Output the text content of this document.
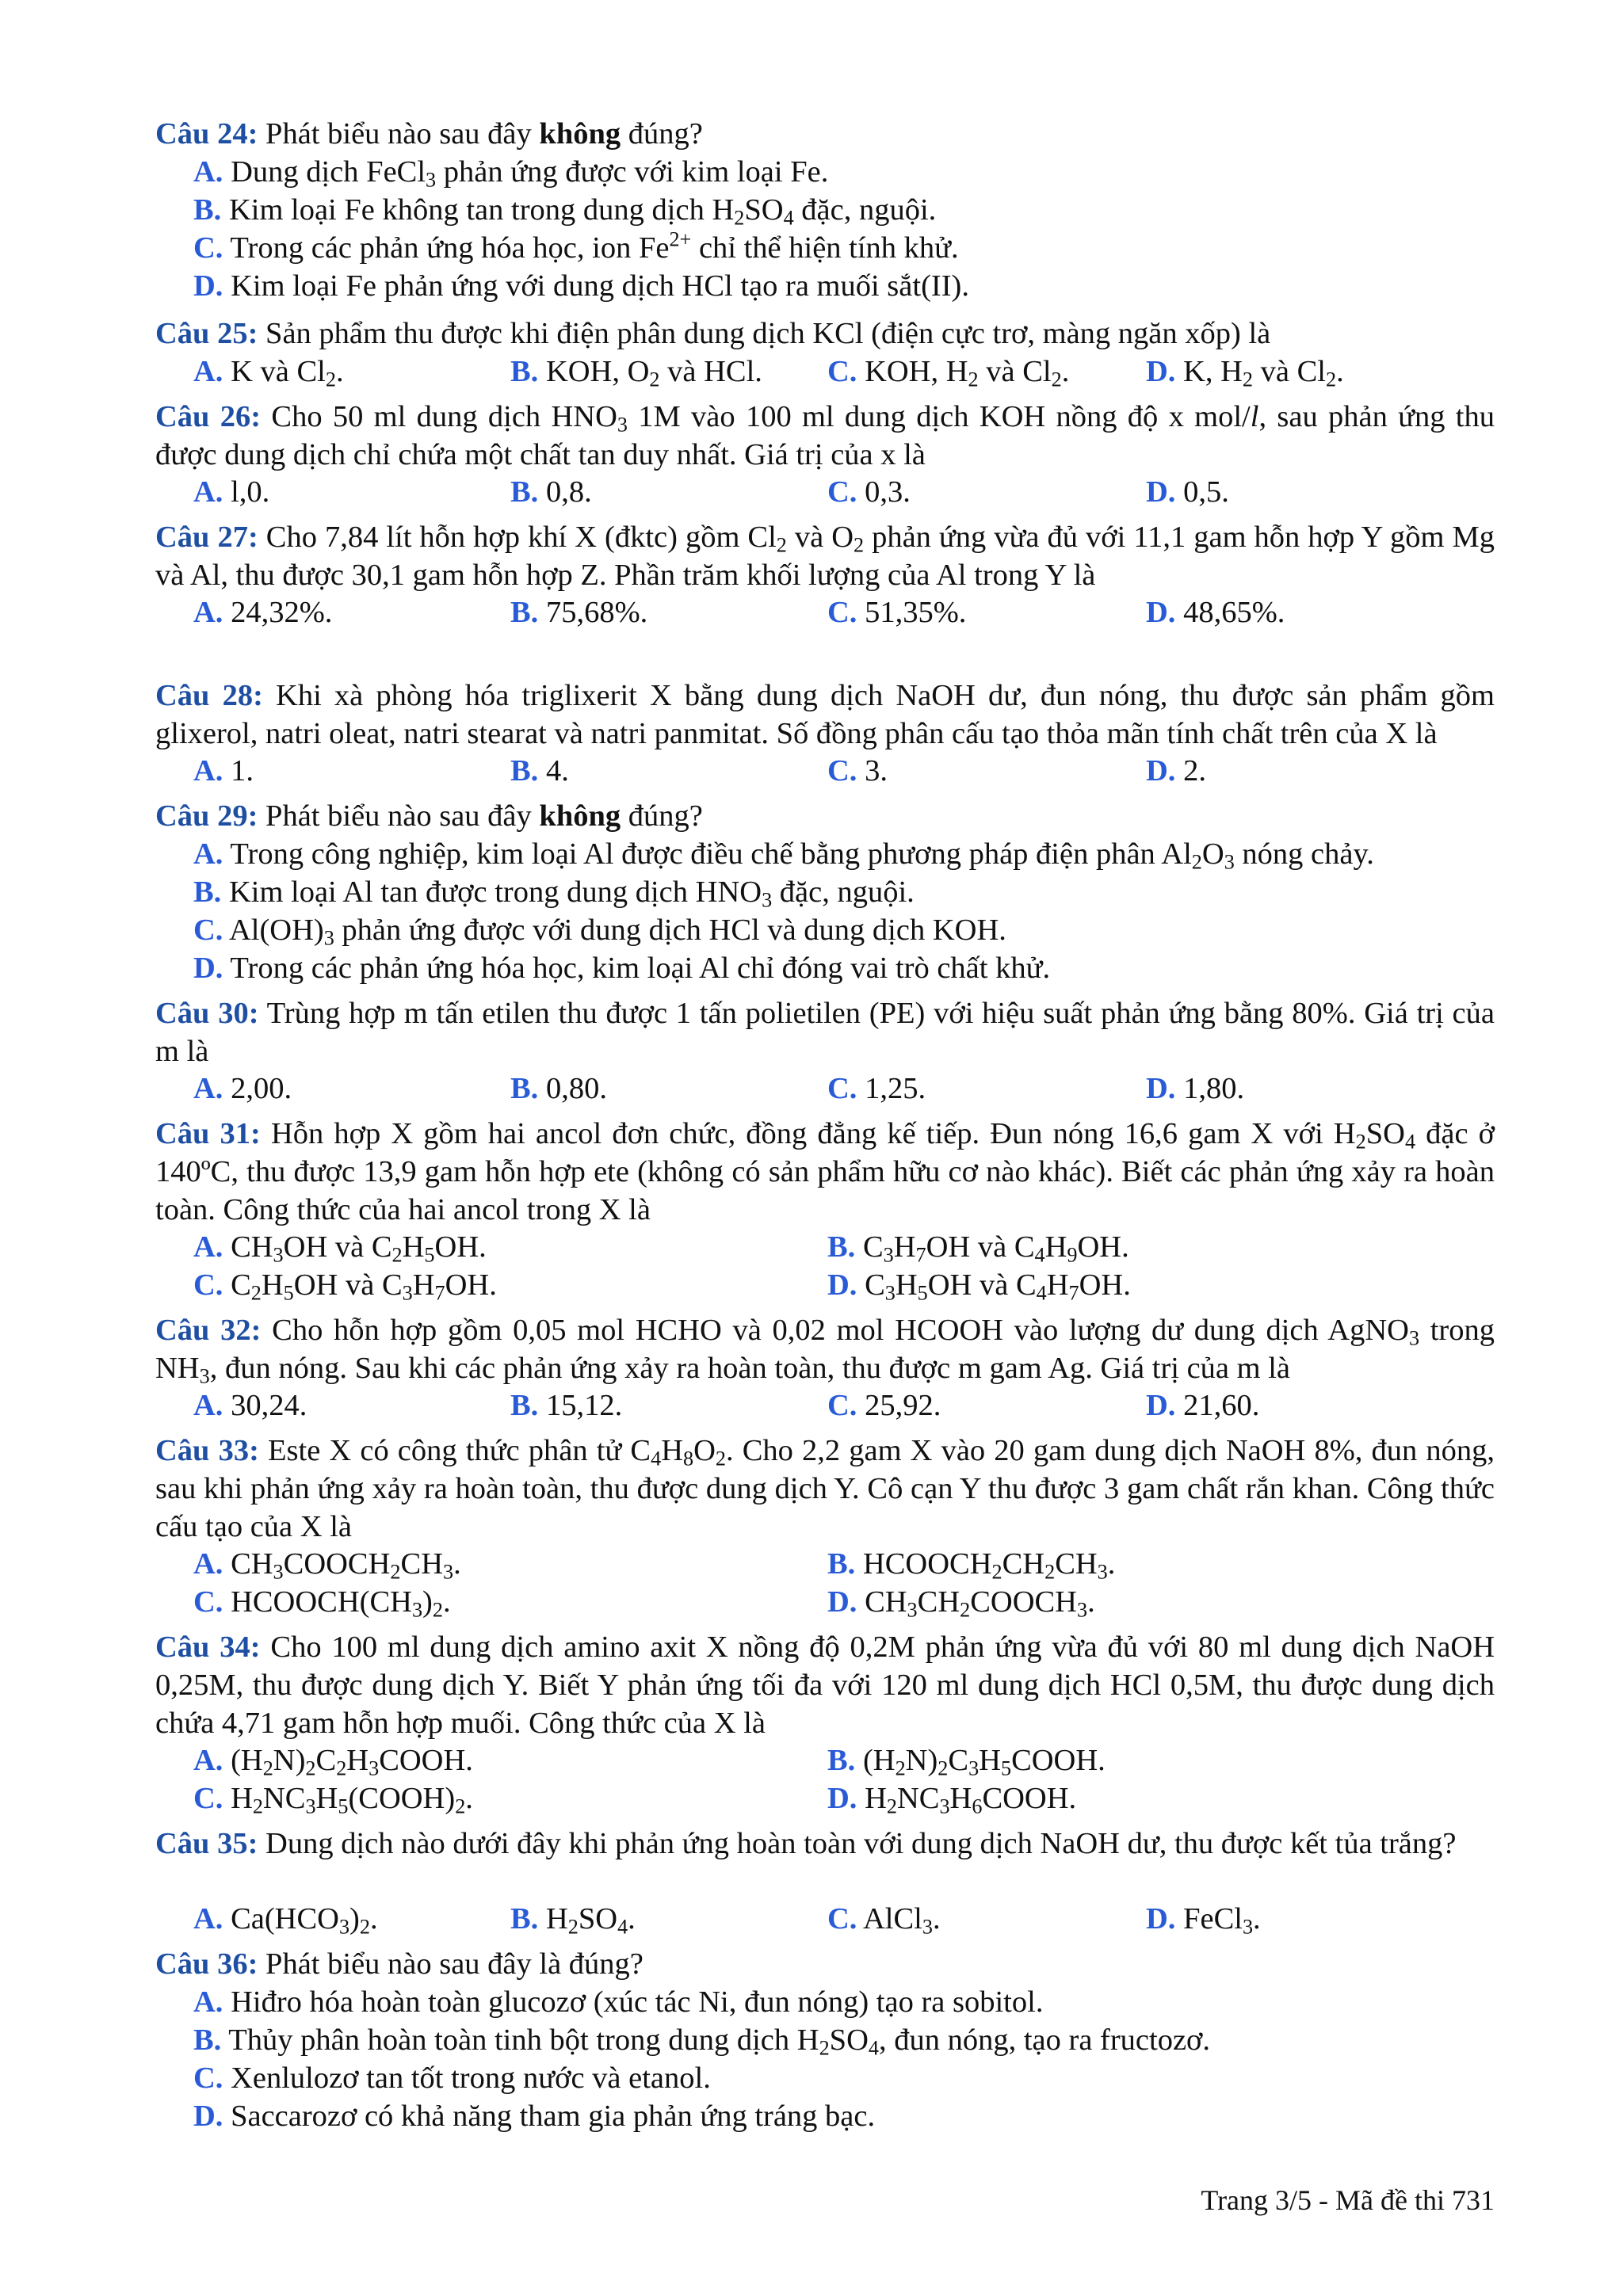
Câu 24: Phát biểu nào sau đây không đúng?
A. Dung dịch FeCl$_3$ phản ứng được với kim loại Fe.
B. Kim loại Fe không tan trong dung dịch $H_2SO_4$ đặc, nguội.
C. Trong các phản ứng hóa học, ion $Fe^{2+}$ chỉ thể hiện tính khử.
D. Kim loại Fe phản ứng với dung dịch HCl tạo ra muối sắt(II).
Câu 25: Sản phẩm thu được khi điện phân dung dịch KCl (điện cực trơ, màng ngăn xốp) là
A. K và $Cl_2$.	B. KOH, $O_2$ và HCl. C. KOH, $H_2$ và $Cl_2$.	D. K, $H_2$ và $Cl_2$.
Câu 26: Cho 50 ml dung dịch $HNO_3$ 1M vào 100 ml dung dịch KOH nồng độ x mol/l, sau phản ứng thu được dung dịch chỉ chứa một chất tan duy nhất. Giá trị của x là
A. l,0.	B. 0,8.	C. 0,3.	D. 0,5.
Câu 27: Cho 7,84 lít hỗn hợp khí X (đktc) gồm $Cl_2$ và $O_2$ phản ứng vừa đủ với 11,1 gam hỗn hợp Y gồm Mg và Al, thu được 30,1 gam hỗn hợp Z. Phần trăm khối lượng của Al trong Y là
A. 24,32%.	B. 75,68%.	C. 51,35%.	D. 48,65%.
Câu 28: Khi xà phòng hóa triglixerit X bằng dung dịch NaOH dư, đun nóng, thu được sản phẩm gồm glixerol, natri oleat, natri stearat và natri panmitat. Số đồng phân cấu tạo thỏa mãn tính chất trên của X là
A. 1.	B. 4.	C. 3.	D. 2.
Câu 29: Phát biểu nào sau đây không đúng?
A. Trong công nghiệp, kim loại Al được điều chế bằng phương pháp điện phân $Al_2O_3$ nóng chảy.
B. Kim loại Al tan được trong dung dịch $HNO_3$ đặc, nguội.
C. $Al(OH)_3$ phản ứng được với dung dịch HCl và dung dịch KOH.
D. Trong các phản ứng hóa học, kim loại Al chỉ đóng vai trò chất khử.
Câu 30: Trùng hợp m tấn etilen thu được 1 tấn polietilen (PE) với hiệu suất phản ứng bằng 80%. Giá trị của m là
A. 2,00.	B. 0,80.	C. 1,25.	D. 1,80.
Câu 31: Hỗn hợp X gồm hai ancol đơn chức, đồng đẳng kế tiếp. Đun nóng 16,6 gam X với $H_2SO_4$ đặc ở 140ºC, thu được 13,9 gam hỗn hợp ete (không có sản phẩm hữu cơ nào khác). Biết các phản ứng xảy ra hoàn toàn. Công thức của hai ancol trong X là
A. $CH_3OH$ và $C_2H_5OH$.	B. $C_3H_7OH$ và $C_4H_9OH$.
C. $C_2H_5OH$ và $C_3H_7OH$.	D. $C_3H_5OH$ và $C_4H_7OH$.
Câu 32: Cho hỗn hợp gồm 0,05 mol HCHO và 0,02 mol HCOOH vào lượng dư dung dịch AgNO$_3$ trong $NH_3$, đun nóng. Sau khi các phản ứng xảy ra hoàn toàn, thu được m gam Ag. Giá trị của m là
A. 30,24.	B. 15,12.	C. 25,92.	D. 21,60.
Câu 33: Este X có công thức phân tử $C_4H_8O_2$. Cho 2,2 gam X vào 20 gam dung dịch NaOH 8%, đun nóng, sau khi phản ứng xảy ra hoàn toàn, thu được dung dịch Y. Cô cạn Y thu được 3 gam chất rắn khan. Công thức cấu tạo của X là
A. $CH_3COOCH_2CH_3$.	B. $HCOOCH_2CH_2CH_3$.
C. $HCOOCH(CH_3)_2$.	D. $CH_3CH_2COOCH_3$.
Câu 34: Cho 100 ml dung dịch amino axit X nồng độ 0,2M phản ứng vừa đủ với 80 ml dung dịch NaOH 0,25M, thu được dung dịch Y. Biết Y phản ứng tối đa với 120 ml dung dịch HCl 0,5M, thu được dung dịch chứa 4,71 gam hỗn hợp muối. Công thức của X là
A. $(H_2N)_2C_2H_3COOH$.	B. $(H_2N)_2C_3H_5COOH$.
C. $H_2NC_3H_5(COOH)_2$.	D. $H_2NC_3H_6COOH$.
Câu 35: Dung dịch nào dưới đây khi phản ứng hoàn toàn với dung dịch NaOH dư, thu được kết tủa trắng?
A. $Ca(HCO_3)_2$.	B. $H_2SO_4$.	C. AlCl$_3$.	D. FeCl$_3$.
Câu 36: Phát biểu nào sau đây là đúng?
A. Hiđro hóa hoàn toàn glucozơ (xúc tác Ni, đun nóng) tạo ra sobitol.
B. Thủy phân hoàn toàn tinh bột trong dung dịch $H_2SO_4$, đun nóng, tạo ra fructozơ.
C. Xenlulozơ tan tốt trong nước và etanol.
D. Saccarozơ có khả năng tham gia phản ứng tráng bạc.
Trang 3/5 - Mã đề thi 731
